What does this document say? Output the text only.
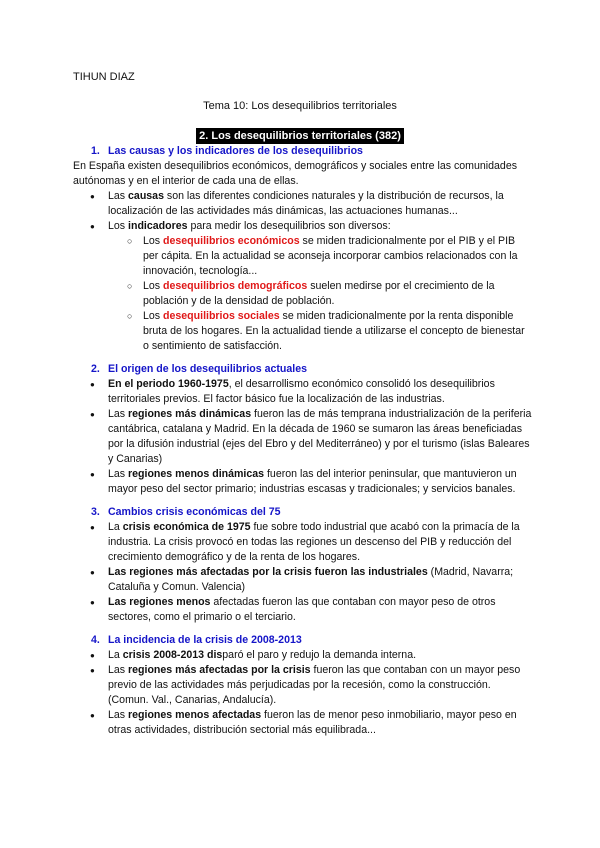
TIHUN DIAZ
Tema 10: Los desequilibrios territoriales
2. Los desequilibrios territoriales (382)
1. Las causas y los indicadores de los desequilibrios

En España existen desequilibrios económicos, demográficos y sociales entre las comunidades autónomas y en el interior de cada una de ellas.

● Las causas son las diferentes condiciones naturales y la distribución de recursos, la localización de las actividades más dinámicas, las actuaciones humanas...
● Los indicadores para medir los desequilibrios son diversos:
○ Los desequilibrios económicos se miden tradicionalmente por el PIB y el PIB per cápita. En la actualidad se aconseja incorporar cambios relacionados con la innovación, tecnología...
○ Los desequilibrios demográficos suelen medirse por el crecimiento de la población y de la densidad de población.
○ Los desequilibrios sociales se miden tradicionalmente por la renta disponible bruta de los hogares. En la actualidad tiende a utilizarse el concepto de bienestar o sentimiento de satisfacción.
2. El origen de los desequilibrios actuales
● En el periodo 1960-1975, el desarrollismo económico consolidó los desequilibrios territoriales previos. El factor básico fue la localización de las industrias.
● Las regiones más dinámicas fueron las de más temprana industrialización de la periferia cantábrica, catalana y Madrid. En la década de 1960 se sumaron las áreas beneficiadas por la difusión industrial (ejes del Ebro y del Mediterráneo) y por el turismo (islas Baleares y Canarias)
● Las regiones menos dinámicas fueron las del interior peninsular, que mantuvieron un mayor peso del sector primario; industrias escasas y tradicionales; y servicios banales.
3. Cambios crisis económicas del 75
● La crisis económica de 1975 fue sobre todo industrial que acabó con la primacía de la industria. La crisis provocó en todas las regiones un descenso del PIB y reducción del crecimiento demográfico y de la renta de los hogares.
● Las regiones más afectadas por la crisis fueron las industriales (Madrid, Navarra; Cataluña y Comun. Valencia)
● Las regiones menos afectadas fueron las que contaban con mayor peso de otros sectores, como el primario o el terciario.
4. La incidencia de la crisis de 2008-2013
● La crisis 2008-2013 disparó el paro y redujo la demanda interna.
● Las regiones más afectadas por la crisis fueron las que contaban con un mayor peso previo de las actividades más perjudicadas por la recesión, como la construcción. (Comun. Val., Canarias, Andalucía).
● Las regiones menos afectadas fueron las de menor peso inmobiliario, mayor peso en otras actividades, distribución sectorial más equilibrada...
